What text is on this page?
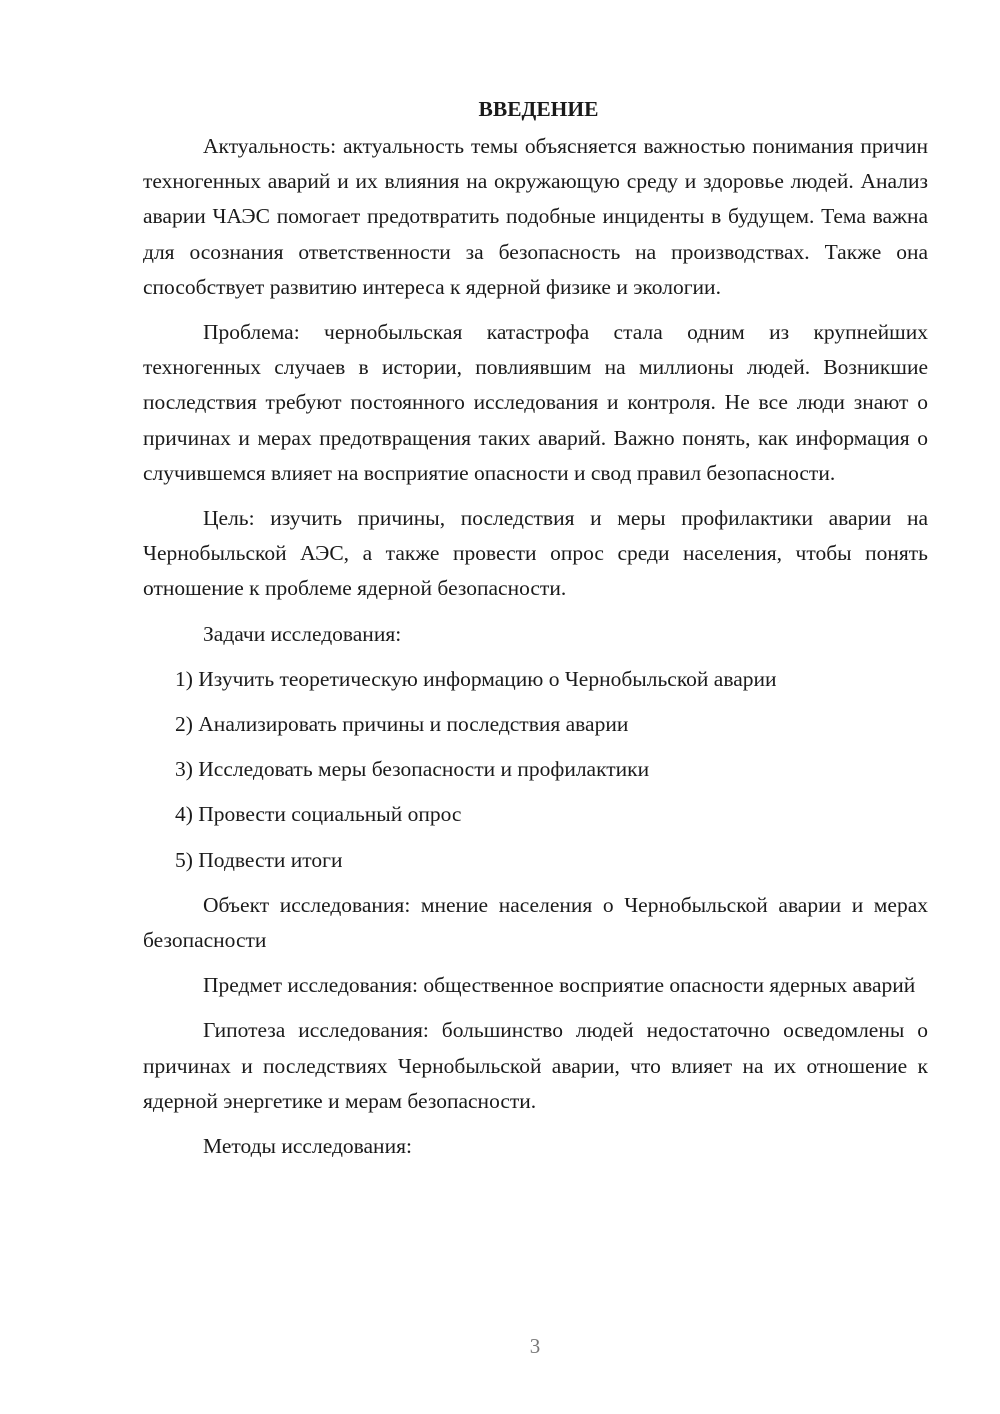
ВВЕДЕНИЕ

Актуальность: актуальность темы объясняется важностью понимания причин техногенных аварий и их влияния на окружающую среду и здоровье людей. Анализ аварии ЧАЭС помогает предотвратить подобные инциденты в будущем. Тема важна для осознания ответственности за безопасность на производствах. Также она способствует развитию интереса к ядерной физике и экологии.

Проблема: чернобыльская катастрофа стала одним из крупнейших техногенных случаев в истории, повлиявшим на миллионы людей. Возникшие последствия требуют постоянного исследования и контроля. Не все люди знают о причинах и мерах предотвращения таких аварий. Важно понять, как информация о случившемся влияет на восприятие опасности и свод правил безопасности.

Цель: изучить причины, последствия и меры профилактики аварии на Чернобыльской АЭС, а также провести опрос среди населения, чтобы понять отношение к проблеме ядерной безопасности.

Задачи исследования:

1) Изучить теоретическую информацию о Чернобыльской аварии

2) Анализировать причины и последствия аварии

3) Исследовать меры безопасности и профилактики

4) Провести социальный опрос

5) Подвести итоги

Объект исследования: мнение населения о Чернобыльской аварии и мерах безопасности

Предмет исследования: общественное восприятие опасности ядерных аварий

Гипотеза исследования: большинство людей недостаточно осведомлены о причинах и последствиях Чернобыльской аварии, что влияет на их отношение к ядерной энергетике и мерам безопасности.

Методы исследования:

3
